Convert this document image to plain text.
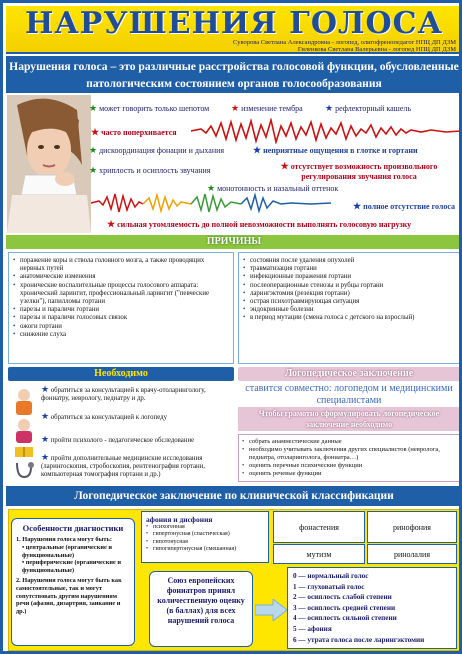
НАРУШЕНИЯ ГОЛОСА
Суворова Светлана Александровна - логопед, олигофренопедагог НПЦ ДП ДЗМ
Гиленкова Светлана Валерьевна - логопед НПЦ ДП ДЗМ
Нарушения голоса – это различные расстройства голосовой функции, обусловленные патологическим состоянием органов голосообразования
★ может говорить только шепотом ★ изменение тембра ★ рефлекторный кашель
★ часто поперхивается
★ дискоординация фонации и дыхания	★ неприятные ощущения в глотке и гортани
★ хриплость и осиплость звучания	★ отсутствует возможность произвольного регулирования звучания голоса
★ монотонность и назальный оттенок
★ полное отсутствие голоса
★ сильная утомляемость до полной невозможности выполнять голосовую нагрузку
ПРИЧИНЫ
• поражение коры и ствола головного мозга, а также проводящих нервных путей
• анатомические изменения
• хронические воспалительные процессы голосового аппарата: хронический ларингит, профессиональный ларингит ("певческие узелки"), папилломы гортани
• парезы и параличи гортани
• парезы и параличи голосовых связок
• ожоги гортани
• снижение слуха
• состояния после удаления опухолей
• травматизация гортани
• инфекционные поражения гортани
• послеоперационные стенозы и рубцы гортани
• ларингэктомия (резекция гортани)
• острая психотравмирующая ситуация
• эндокринные болезни
• в период мутации (смена голоса с детского на взрослый)
Необходимо
★ обратиться за консультацией к врачу-отоларингологу, фониатру, неврологу, педиатру и др.
★ обратиться за консультацией к логопеду
★ пройти психолого - педагогическое обследование
★ пройти дополнительные медицинские исследования (ларингоскопия, стробоскопия, рентгенография гортани, компьютерная томография гортани и др.)
Логопедическое заключение
ставится совместно: логопедом и медицинскими специалистами
Чтобы грамотно сформулировать логопедическое заключение необходимо
• собрать анамнестические данные
• необходимо учитывать заключения других специалистов (невролога, педиатра, отоларинголога, фониатра…)
• оценить перечные психические функции
• оценить речевые функции
Логопедическое заключение по клинической классификации
Особенности диагностики
1. Нарушения голоса могут быть:
• центральные (органические и функциональные)
• периферические (органические и функциональные)
2. Нарушения голоса могут быть как самостоятельные, так и могут сопутствовать другим нарушениям речи (афазия, дизартрия, заикание и др.)
афония и дисфония
• психогенная
• гипертонусная (спастическая)
• гипотонусная
• гипогипертонусная (смешанная)
фонастения	ринофония
мутизм	ринолалия
Союз европейских фониатров принял количественную оценку (в баллах) для всех нарушений голоса
0 — нормальный голос
1 — глуховатый голос
2 — осиплость слабой степени
3 — осиплость средней степени
4 — осиплость сильной степени
5 — афония
6 — утрата голоса после ларингэктомии
